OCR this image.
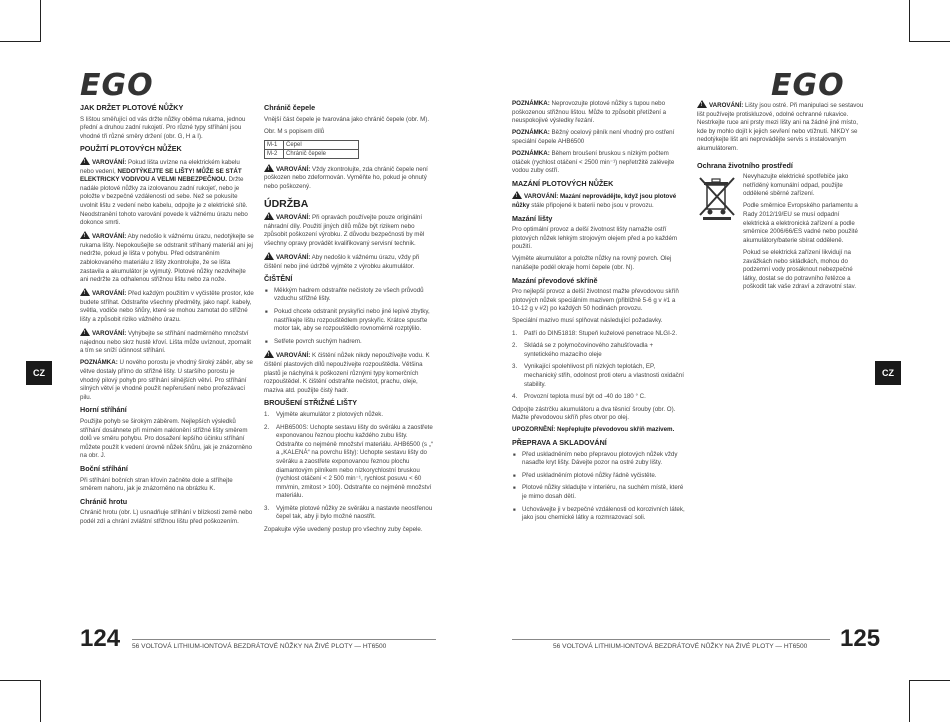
EGO
JAK DRŽET PLOTOVÉ NŮŽKY

S lištou směřující od vás držte nůžky oběma rukama, jednou přední a druhou zadní rukojetí. Pro různé typy stříhání jsou vhodné tři různé směry držení (obr. G, H a I).

POUŽITÍ PLOTOVÝCH NŮŽEK

!VAROVÁNÍ: Pokud lišta uvízne na elektrickém kabelu nebo vedení, NEDOTÝKEJTE SE LIŠTY! MŮŽE SE STÁT ELEKTRICKY VODIVOU A VELMI NEBEZPEČNOU. Držte nadále plotové nůžky za izolovanou zadní rukojeť, nebo je položte v bezpečné vzdálenosti od sebe. Než se pokusíte uvolnit lištu z vedení nebo kabelu, odpojte je z elektrické sítě. Neodstranění tohoto varování povede k vážnému úrazu nebo dokonce smrti.

!VAROVÁNÍ: Aby nedošlo k vážnému úrazu, nedotýkejte se rukama lišty. Nepokoušejte se odstranit stříhaný materiál ani jej nedržte, pokud je lišta v pohybu. Před odstraněním zablokovaného materiálu z lišty zkontrolujte, že se lišta zastavila a akumulátor je vyjmutý. Plotové nůžky nezdvihejte ani nedržte za odhalenou střižnou lištu nebo za nože.

!VAROVÁNÍ: Před každým použitím v vyčistěte prostor, kde budete stříhat. Odstraňte všechny předměty, jako např. kabely, světla, vodiče nebo šňůry, které se mohou zamotat do střižné lišty a způsobit riziko vážného úrazu.

!VAROVÁNÍ: Vyhýbejte se stříhání nadměrného množství najednou nebo skrz hustě křoví. Lišta může uvíznout, zpomalit a tím se sníží účinnost stříhání.

POZNÁMKA: U nového porostu je vhodný široký záběr, aby se větve dostaly přímo do střižné lišty. U staršího porostu je vhodný pilový pohyb pro stříhání silnějších větví. Pro stříhání silných větví je vhodné použít nepřerušení nebo prořezávací pilu.

Horní stříhání

Použijte pohyb se širokým záběrem. Nejlepších výsledků stříhání dosáhnete při mírném naklonění střižné lišty směrem dolů ve směru pohybu. Pro dosažení lepšího účinku stříhání můžete použít k vedení úrovně nůžek šňůru, jak je znázorněno na obr. J.

Boční stříhání

Při stříhání bočních stran křovin začněte dole a stříhejte směrem nahoru, jak je znázorněno na obrázku K.

Chránič hrotu

Chránič hrotu (obr. L) usnadňuje stříhání v blízkosti země nebo podél zdí a chrání zvláštní střižnou lištu před poškozením.

Chránič čepele

Vnější část čepele je tvarována jako chránič čepele (obr. M).

Obr. M s popisem dílů

M-1	Čepel
M-2	Chránič čepele

!VAROVÁNÍ: Vždy zkontrolujte, zda chránič čepele není poškozen nebo zdeformován. Vyměňte ho, pokud je ohnutý nebo poškozený.

ÚDRŽBA

!VAROVÁNÍ: Při opravách používejte pouze originální náhradní díly. Použití jiných dílů může být rizikem nebo způsobit poškození výrobku. Z důvodu bezpečnosti by měl všechny opravy provádět kvalifikovaný servisní technik.

!VAROVÁNÍ: Aby nedošlo k vážnému úrazu, vždy při čištění nebo jiné údržbě vyjměte z výrobku akumulátor.

ČIŠTĚNÍ
■ Měkkým hadrem odstraňte nečistoty ze všech průvodů vzduchu střižné lišty.
■ Pokud chcete odstranit pryskyřici nebo jiné lepivé zbytky, nastříkejte lištu rozpouštědlem pryskyřic. Krátce spusťte motor tak, aby se rozpouštědlo rovnoměrně rozptýlilo.
■ Setřete povrch suchým hadrem.

!VAROVÁNÍ: K čištění nůžek nikdy nepoužívejte vodu. K čištění plastových dílů nepoužívejte rozpouštědla. Většina plastů je náchylná k poškození různými typy komerčních rozpouštědel. K čištění odstraňte nečistot, prachu, oleje, maziva atd. použijte čistý hadr.

BROUŠENÍ STŘIŽNÉ LIŠTY
1. Vyjměte akumulátor z plotových nůžek.
2. AHB6500S: Uchopte sestavu lišty do svěráku a zaostřete exponovanou řeznou plochu každého zubu lišty. Odstraňte co nejméně množství materiálu. AHB6500 (s „“ a „KALENÁ“ na povrchu lišty): Uchopte sestavu lišty do svěráku a zaostřete exponovanou řeznou plochu diamantovým pilníkem nebo nízkorychlostní bruskou (rychlost otáčení < 2 500 min⁻¹, rychlost posuvu < 60 mm/min, zmitost > 100). Odstraňte co nejméně množství materiálu.
3. Vyjměte plotové nůžky ze svěráku a nastavte neostřenou čepel tak, aby ji bylo možné naostřit.

Zopakujte výše uvedený postup pro všechny zuby čepele.

CZ
124 56 VOLTOVÁ LITHIUM-IONTOVÁ BEZDRÁTOVÉ NŮŽKY NA ŽIVÉ PLOTY — HT6500
EGO

POZNÁMKA: Neprovozujte plotové nůžky s tupou nebo poškozenou střižnou lištou. Může to způsobit přetížení a neuspokojivé výsledky řezání.

POZNÁMKA: Běžný ocelový pilník není vhodný pro ostření speciální čepele AHB6500

POZNÁMKA: Během broušení bruskou s nízkým počtem otáček (rychlost otáčení < 2500 min⁻¹) nepřetržitě zalévejte vodou zuby ostří.

MAZÁNÍ PLOTOVÝCH NŮŽEK

!VAROVÁNÍ: Mazání neprovádějte, když jsou plotové nůžky stále připojené k baterii nebo jsou v provozu.

Mazání lišty

Pro optimální provoz a delší životnost lišty namažte ostří plotových nůžek lehkým strojovým olejem před a po každém použití.

Vyjměte akumulátor a položte nůžky na rovný povrch. Olej nanášejte podél okraje horní čepele (obr. N).

Mazání převodové skříně

Pro nejlepší provoz a delší životnost mažte převodovou skříň plotových nůžek speciálním mazivem (přibližně 5-6 g v #1 a 10-12 g v #2) po každých 50 hodinách provozu.

Speciální mazivo musí splňovat následující požadavky.

1. Patří do DIN51818: Stupeň kuželové penetrace NLGI-2.
2. Skládá se z polymočovinového zahušťovadla + syntetického mazacího oleje
3. Vynikající spolehlivost při nízkých teplotách, EP, mechanický střih, odolnost proti oteru a vlastnosti oxidační stability.
4. Provozní teplota musí být od -40 do 180 ° C.

Odpojte zástrčku akumulátoru a dva těsnicí šrouby (obr. O). Mažte převodovou skříň přes otvor po olej.

UPOZORNĚNÍ: Nepřeplujte převodovou skříň mazivem.

PŘEPRAVA A SKLADOVÁNÍ
■ Před uskladněním nebo přepravou plotových nůžek vždy nasaďte kryt lišty. Dávejte pozor na ostré zuby lišty.
■ Před uskladněním plotové nůžky řádně vyčistěte.
■ Plotové nůžky skladujte v interiéru, na suchém místě, které je mimo dosah dětí.
■ Uchovávejte ji v bezpečné vzdálenosti od korozivních látek, jako jsou chemické látky a rozmrazovací soli.

!VAROVÁNÍ: Lišty jsou ostré. Při manipulaci se sestavou lišt používejte protiskluzové, odolné ochranné rukavice. Nestrkejte ruce ani prsty mezi lišty ani na žádné jiné místo, kde by mohlo dojít k jejich sevření nebo vtížnutí. NIKDY se nedotýkejte lišt ani neprovádějte servis s instalovaným akumulátorem.

Ochrana životního prostředí

Nevyhazujte elektrické spotřebiče jako netříděný komunální odpad, použijte oddělené sběrné zařízení.

Podle směrnice Evropského parlamentu a Rady 2012/19/EU se musí odpadní elektrická a elektronická zařízení a podle směrnice 2006/66/ES vadné nebo použité akumulátory/baterie sbírat odděleně.

Pokud se elektrická zařízení likvidují na zavážkách nebo skládkách, mohou do podzemní vody prosáknout nebezpečné látky, dostat se do potravního řetězce a poškodit tak vaše zdraví a zdravotní stav.

CZ
125
56 VOLTOVÁ LITHIUM-IONTOVÁ BEZDRÁTOVÉ NŮŽKY NA ŽIVÉ PLOTY — HT6500
